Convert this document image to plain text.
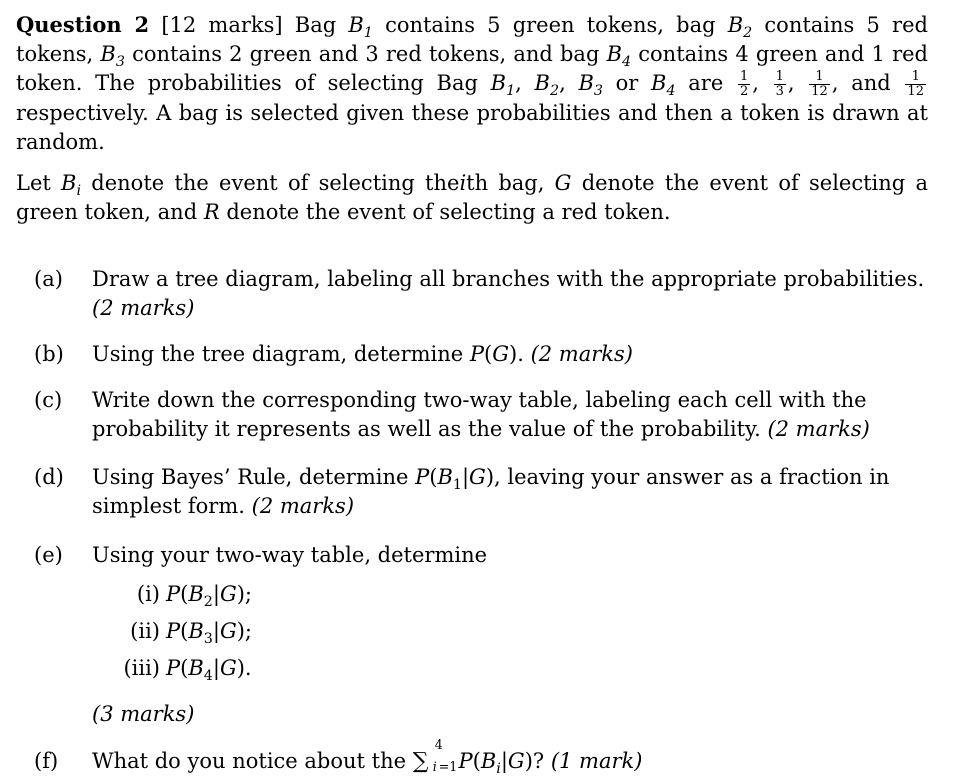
Question 2 [12 marks] Bag $B_1$ contains 5 green tokens, bag $B_2$ contains 5 red tokens, $B_3$ contains 2 green and 3 red tokens, and bag $B_4$ contains 4 green and 1 red token. The probabilities of selecting Bag $B_1$, $B_2$, $B_3$ or $B_4$ are $\frac{1}{2}$ , $\frac{1}{3}$ , $\frac{1}{12}$ , and $\frac{1}{12}$
respectively. A bag is selected given these probabilities and then a token is drawn at random.

Let $B_i$ denote the event of selecting theith bag, G denote the event of selecting a green token, and R denote the event of selecting a red token.

(a)	Draw a tree diagram, labeling all branches with the appropriate probabilities.
(2 marks)
(b)	Using the tree diagram, determine P(G). (2 marks)
(c)	Write down the corresponding two-way table, labeling each cell with the probability it represents as well as the value of the probability. (2 marks)
(d)	Using Bayes’ Rule, determine $P(B_1|G)$, leaving your answer as a fraction in simplest form. (2 marks)
(e)	Using your two-way table, determine
(i) $P(B_2|G)$;
(ii) $P(B_3|G)$;
(iii) $P(B_4|G)$.
(3 marks)
(f)	What do you notice about the ∑
4
i =1 $P(B_i|G)$? (1 mark)
